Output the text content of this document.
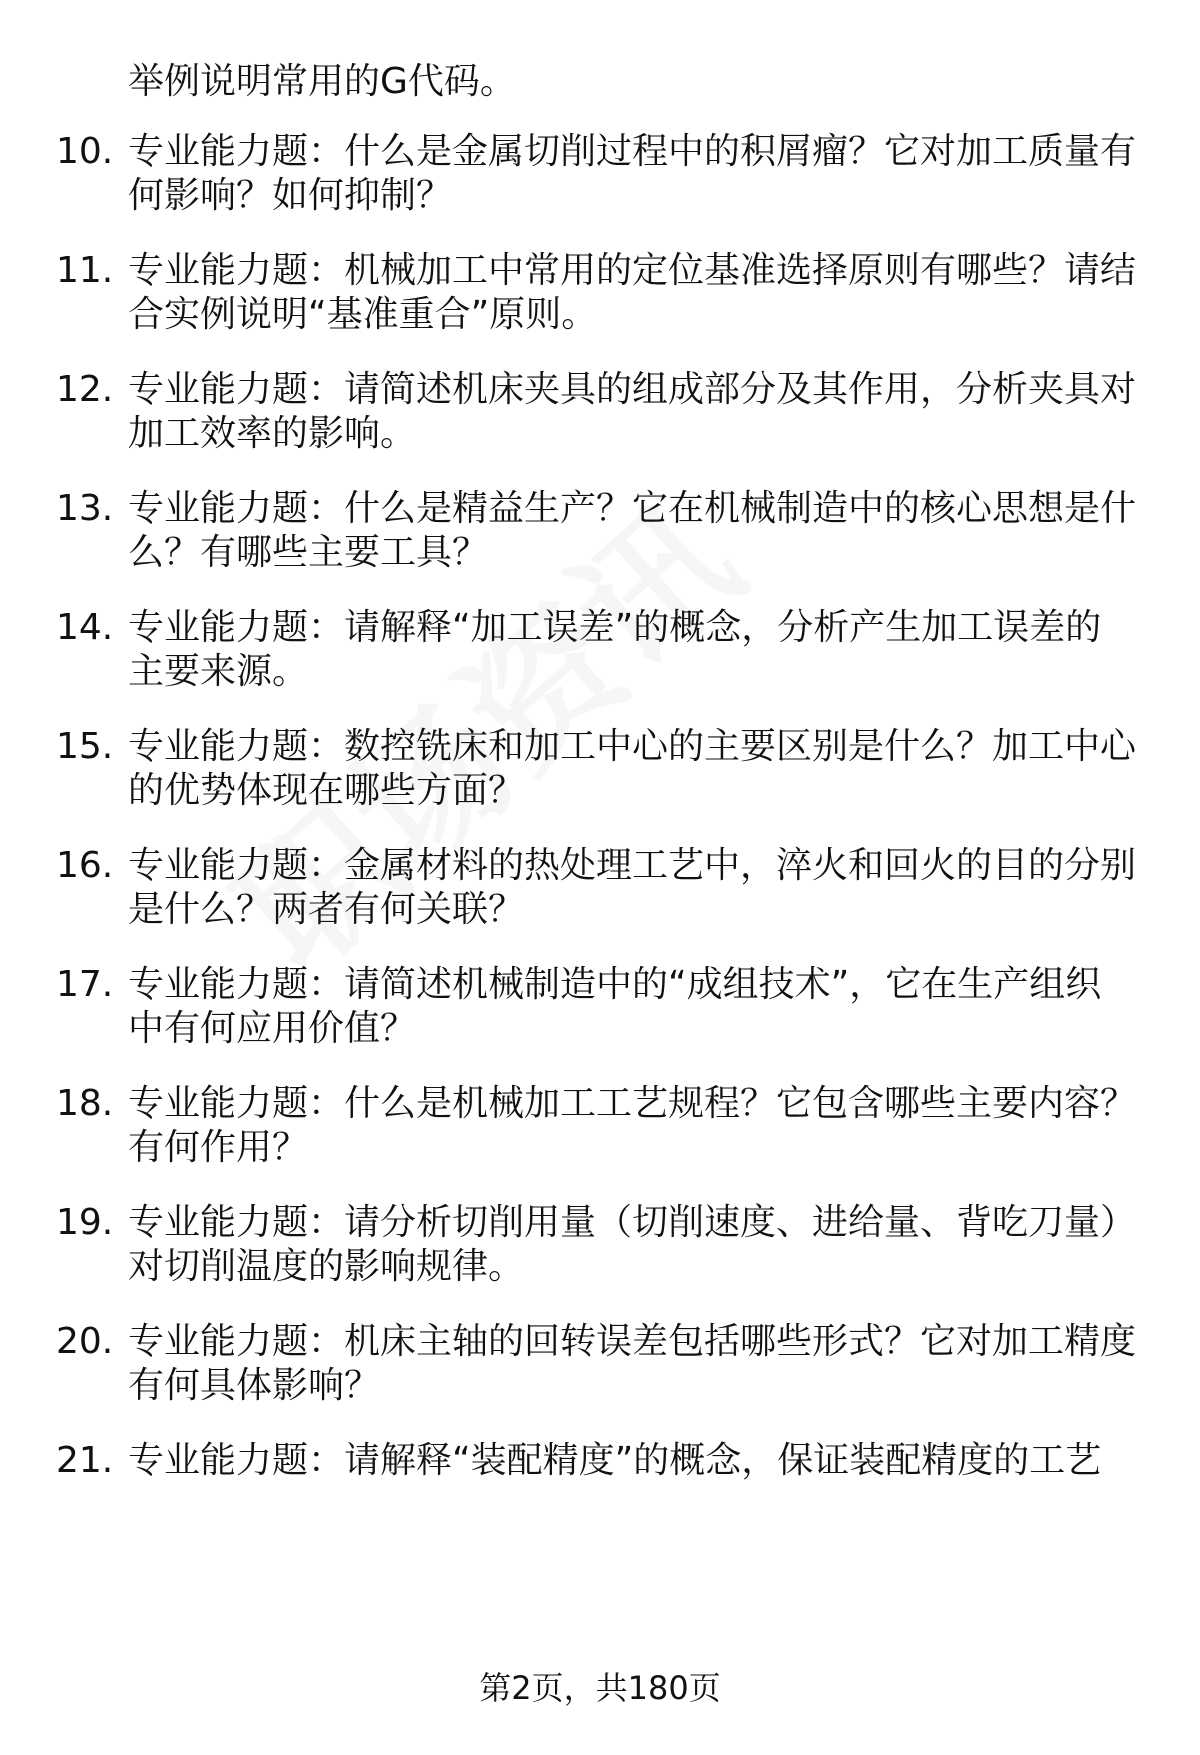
举例说明常用的G代码。
10. 专业能力题：什么是金属切削过程中的积屑瘤？它对加工质量有
何影响？如何抑制？
11. 专业能力题：机械加工中常用的定位基准选择原则有哪些？请结
合实例说明“基准重合”原则。
12. 专业能力题：请简述机床夹具的组成部分及其作用，分析夹具对
加工效率的影响。
13. 专业能力题：什么是精益生产？它在机械制造中的核心思想是什
么？有哪些主要工具？
14. 专业能力题：请解释“加工误差”的概念，分析产生加工误差的
主要来源。
15. 专业能力题：数控铣床和加工中心的主要区别是什么？加工中心
的优势体现在哪些方面？
16. 专业能力题：金属材料的热处理工艺中，淬火和回火的目的分别
是什么？两者有何关联？
17. 专业能力题：请简述机械制造中的“成组技术”，它在生产组织
中有何应用价值？
18. 专业能力题：什么是机械加工工艺规程？它包含哪些主要内容？
有何作用？
19. 专业能力题：请分析切削用量（切削速度、进给量、背吃刀量）
对切削温度的影响规律。
20. 专业能力题：机床主轴的回转误差包括哪些形式？它对加工精度
有何具体影响？
21. 专业能力题：请解释“装配精度”的概念，保证装配精度的工艺
第2页，共180页
